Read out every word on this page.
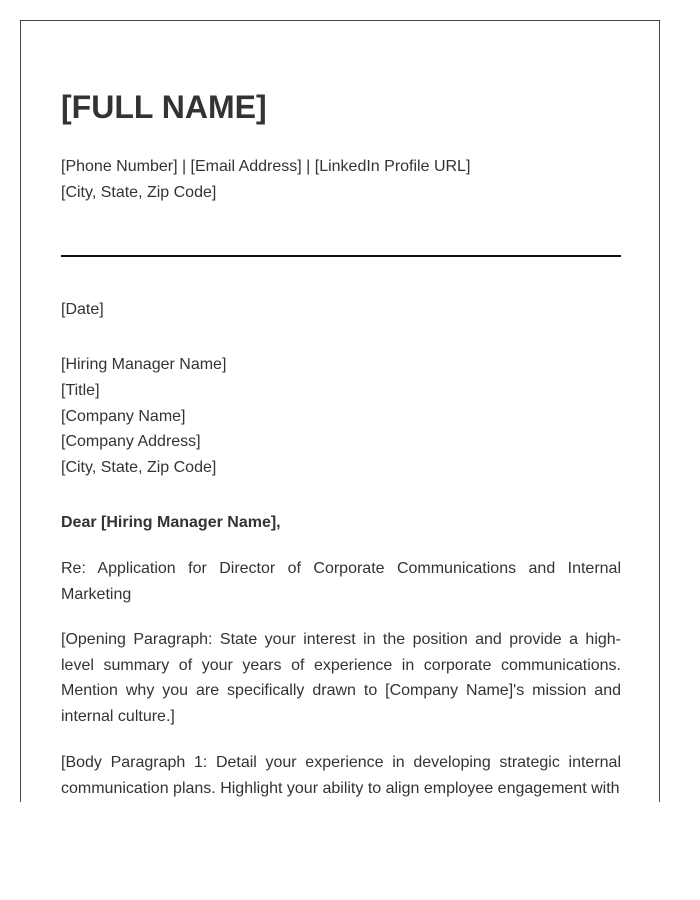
[FULL NAME]
[Phone Number] | [Email Address] | [LinkedIn Profile URL]
[City, State, Zip Code]
[Date]
[Hiring Manager Name]
[Title]
[Company Name]
[Company Address]
[City, State, Zip Code]
Dear [Hiring Manager Name],

Re: Application for Director of Corporate Communications and Internal Marketing

[Opening Paragraph: State your interest in the position and provide a high-level summary of your years of experience in corporate communications. Mention why you are specifically drawn to [Company Name]'s mission and internal culture.]

[Body Paragraph 1: Detail your experience in developing strategic internal communication plans. Highlight your ability to align employee engagement with
